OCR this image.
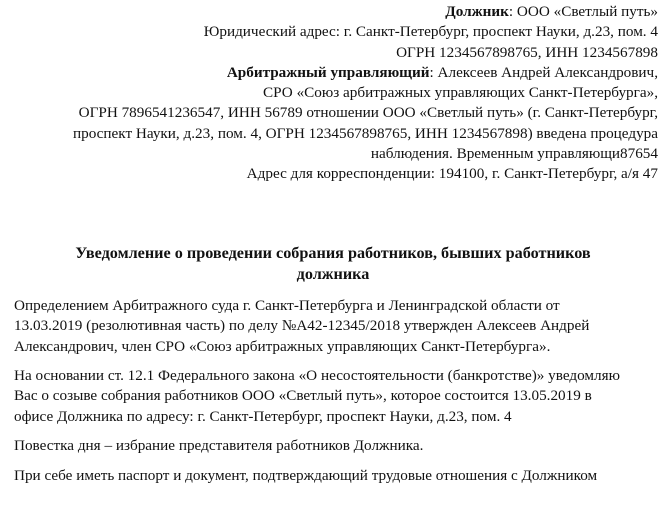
Должник: ООО «Светлый путь»
Юридический адрес: г. Санкт-Петербург, проспект Науки, д.23, пом. 4
ОГРН 1234567898765, ИНН 1234567898
Арбитражный управляющий: Алексеев Андрей Александрович,
СРО «Союз арбитражных управляющих Санкт-Петербурга»,
ОГРН 7896541236547, ИНН 56789 отношении ООО «Светлый путь» (г. Санкт-Петербург,
проспект Науки, д.23, пом. 4, ОГРН 1234567898765, ИНН 1234567898) введена процедура
наблюдения. Временным управляющи87654
Адрес для корреспонденции: 194100, г. Санкт-Петербург, а/я 47
Уведомление о проведении собрания работников, бывших работников
должника
Определением Арбитражного суда г. Санкт-Петербурга и Ленинградской области от
13.03.2019 (резолютивная часть) по делу №А42-12345/2018 утвержден Алексеев Андрей
Александрович, член СРО «Союз арбитражных управляющих Санкт-Петербурга».
На основании ст. 12.1 Федерального закона «О несостоятельности (банкротстве)» уведомляю
Вас о созыве собрания работников ООО «Светлый путь», которое состоится 13.05.2019 в
офисе Должника по адресу: г. Санкт-Петербург, проспект Науки, д.23, пом. 4
Повестка дня – избрание представителя работников Должника.
При себе иметь паспорт и документ, подтверждающий трудовые отношения с Должником
